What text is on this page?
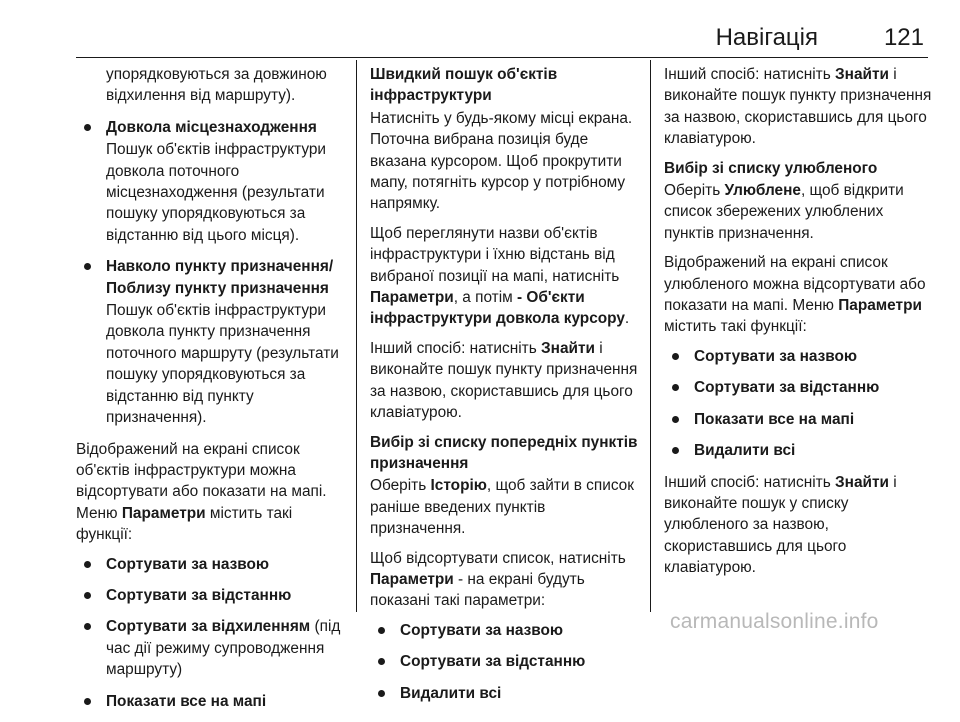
Навігація	121
упорядковуються за довжиною відхилення від маршруту).
Довкола місцезнаходження
Пошук об'єктів інфраструктури довкола поточного місцезнаходження (результати пошуку упорядковуються за відстанню від цього місця).
Навколо пункту призначення/ Поблизу пункту призначення
Пошук об'єктів інфраструктури довкола пункту призначення поточного маршруту (результати пошуку упорядковуються за відстанню від пункту призначення).

Відображений на екрані список об'єктів інфраструктури можна відсортувати або показати на мапі. Меню Параметри містить такі функції:

Сортувати за назвою
Сортувати за відстанню
Сортувати за відхиленням (під час дії режиму супроводження маршруту)
Показати все на мапі
Швидкий пошук об'єктів інфраструктури
Натисніть у будь-якому місці екрана. Поточна вибрана позиція буде вказана курсором. Щоб прокрутити мапу, потягніть курсор у потрібному напрямку.

Щоб переглянути назви об'єктів інфраструктури і їхню відстань від вибраної позиції на мапі, натисніть Параметри, а потім - Об'єкти інфраструктури довкола курсору.

Інший спосіб: натисніть Знайти і виконайте пошук пункту призначення за назвою, скориставшись для цього клавіатурою.

Вибір зі списку попередніх пунктів призначення
Оберіть Історію, щоб зайти в список раніше введених пунктів призначення.

Щоб відсортувати список, натисніть Параметри - на екрані будуть показані такі параметри:

Сортувати за назвою
Сортувати за відстанню
Видалити всі

Інший спосіб: натисніть Знайти і виконайте пошук пункту призначення за назвою, скориставшись для цього клавіатурою.

Вибір зі списку улюбленого
Оберіть Улюблене, щоб відкрити список збережених улюблених пунктів призначення.

Відображений на екрані список улюбленого можна відсортувати або показати на мапі. Меню Параметри містить такі функції:

Сортувати за назвою
Сортувати за відстанню
Показати все на мапі
Видалити всі

Інший спосіб: натисніть Знайти і виконайте пошук у списку улюбленого за назвою, скориставшись для цього клавіатурою.

carmanualsonline.info
